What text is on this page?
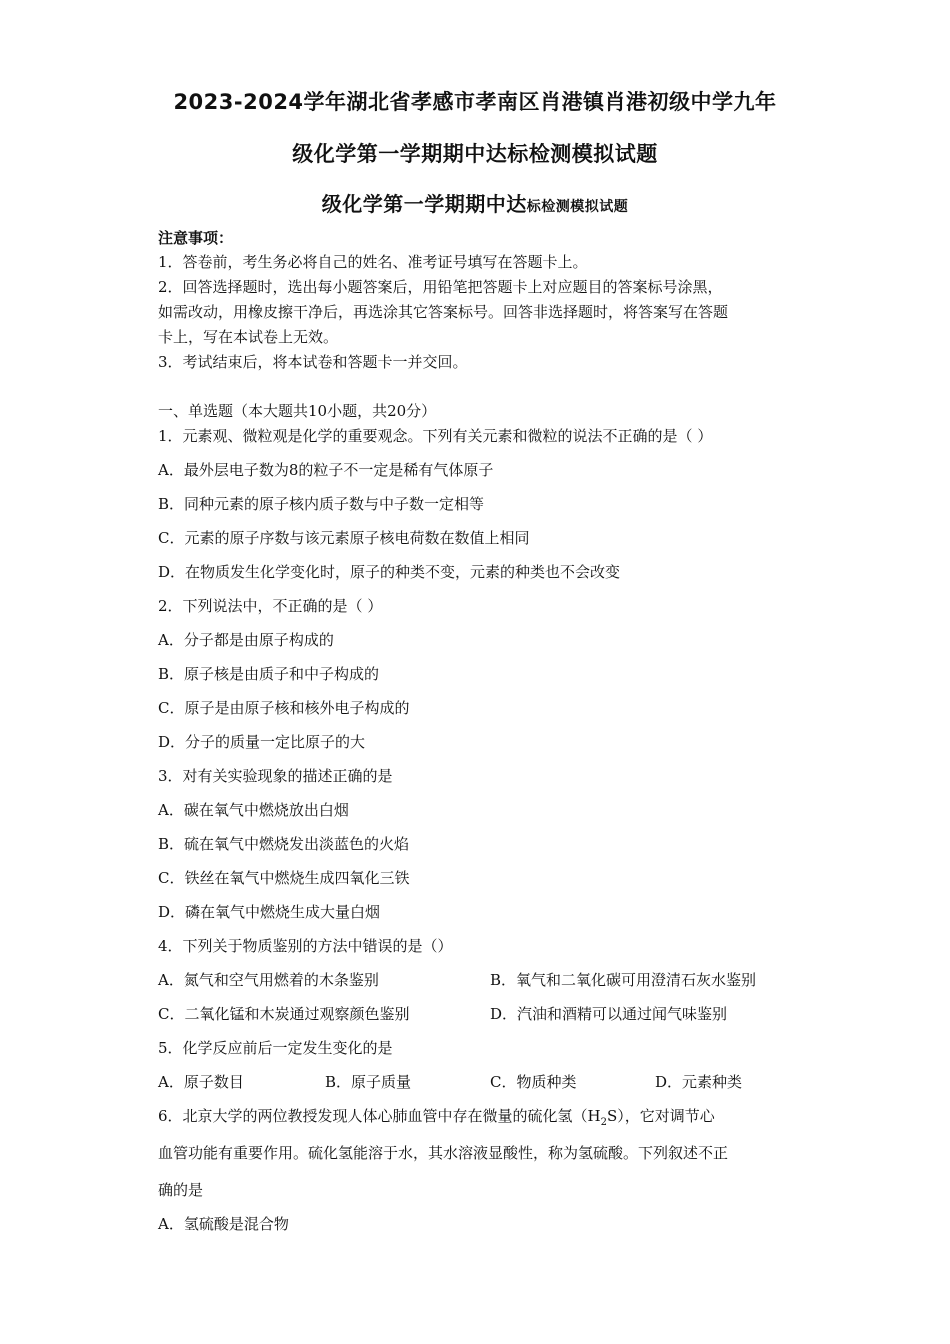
2023-2024学年湖北省孝感市孝南区肖港镇肖港初级中学九年
级化学第一学期期中达标检测模拟试题
级化学第一学期期中达标检测模拟试题
注意事项：
1．答卷前，考生务必将自己的姓名、准考证号填写在答题卡上。
2．回答选择题时，选出每小题答案后，用铅笔把答题卡上对应题目的答案标号涂黑，
如需改动，用橡皮擦干净后，再选涂其它答案标号。回答非选择题时，将答案写在答题
卡上，写在本试卷上无效。
3．考试结束后，将本试卷和答题卡一并交回。
一、单选题（本大题共10小题，共20分）
1．元素观、微粒观是化学的重要观念。下列有关元素和微粒的说法不正确的是（ ）
A．最外层电子数为8的粒子不一定是稀有气体原子
B．同种元素的原子核内质子数与中子数一定相等
C．元素的原子序数与该元素原子核电荷数在数值上相同
D．在物质发生化学变化时，原子的种类不变，元素的种类也不会改变
2．下列说法中，不正确的是（ ）
A．分子都是由原子构成的
B．原子核是由质子和中子构成的
C．原子是由原子核和核外电子构成的
D．分子的质量一定比原子的大
3．对有关实验现象的描述正确的是
A．碳在氧气中燃烧放出白烟
B．硫在氧气中燃烧发出淡蓝色的火焰
C．铁丝在氧气中燃烧生成四氧化三铁
D．磷在氧气中燃烧生成大量白烟
4．下列关于物质鉴别的方法中错误的是（）
A．氮气和空气用燃着的木条鉴别	B．氧气和二氧化碳可用澄清石灰水鉴别
C．二氧化锰和木炭通过观察颜色鉴别	D．汽油和酒精可以通过闻气味鉴别
5．化学反应前后一定发生变化的是
A．原子数目	B．原子质量	C．物质种类	D．元素种类
6．北京大学的两位教授发现人体心肺血管中存在微量的硫化氢$(H_2S)$，它对调节心
血管功能有重要作用。硫化氢能溶于水，其水溶液显酸性，称为氢硫酸。下列叙述不正
确的是
A．氢硫酸是混合物
